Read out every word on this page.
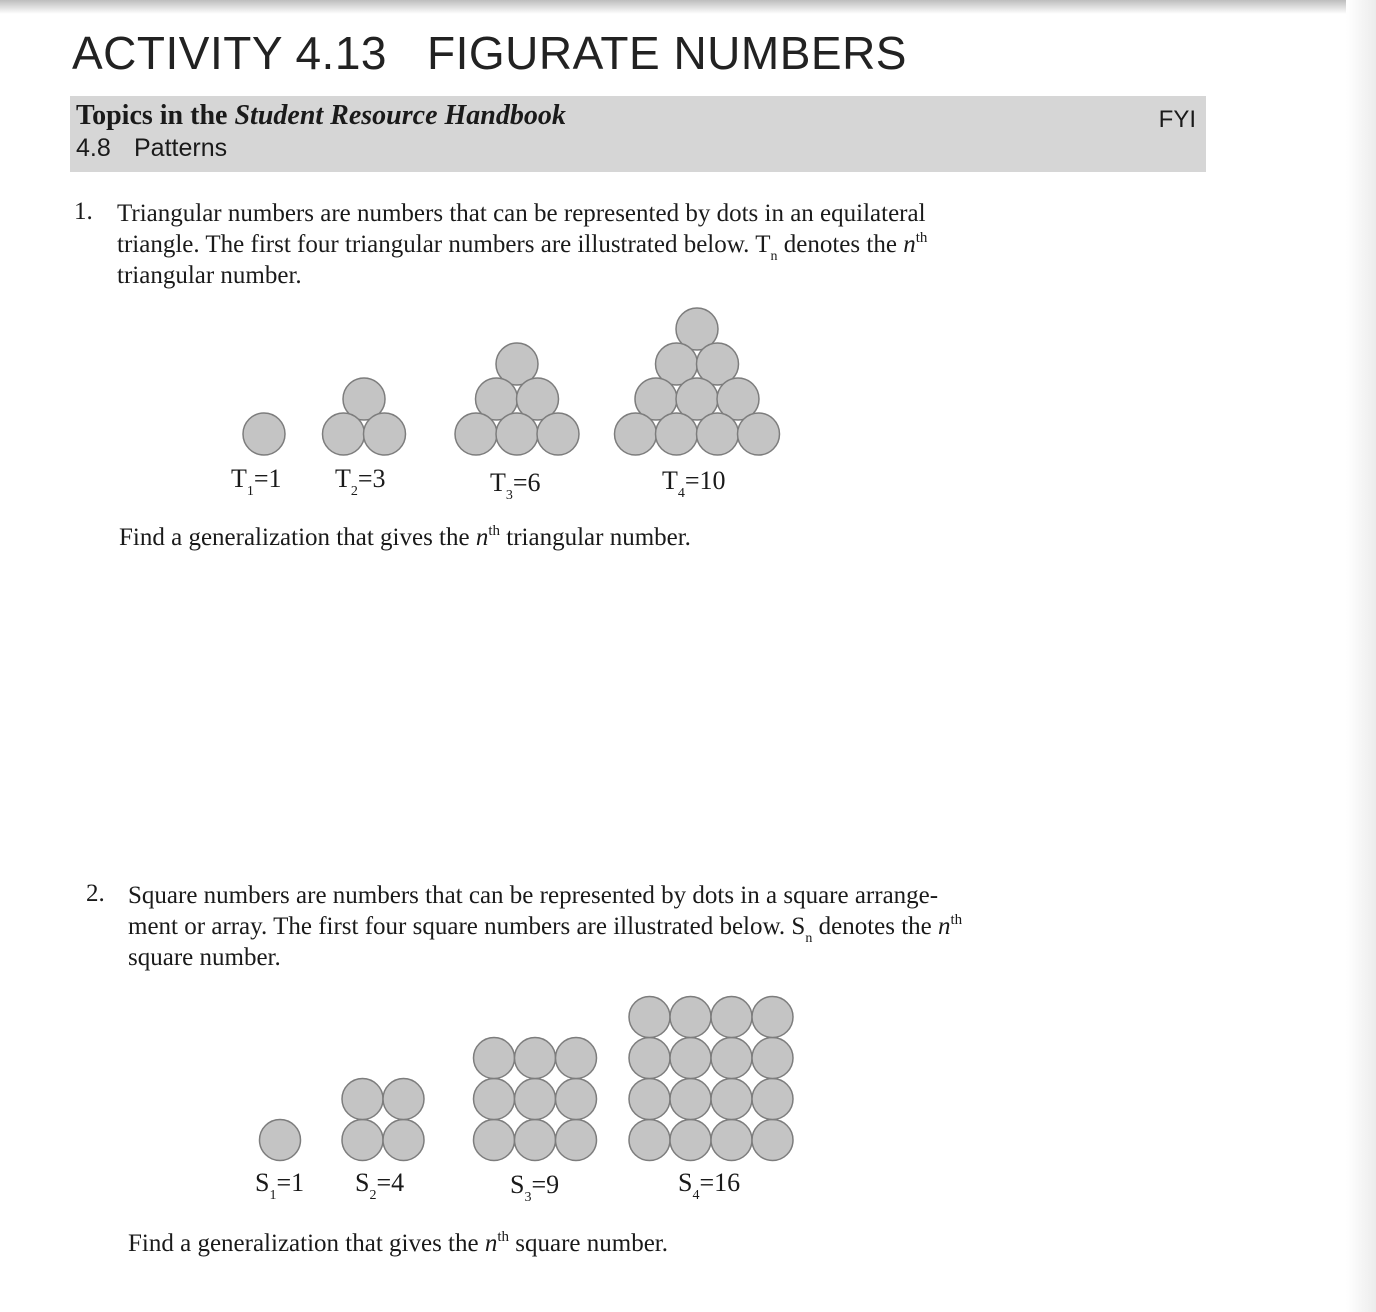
ACTIVITY 4.13 FIGURATE NUMBERS
Topics in the Student Resource Handbook
4.8 Patterns
FYI
1. Triangular numbers are numbers that can be represented by dots in an equilateral

triangle. The first four triangular numbers are illustrated below. $T_n$ denotes the $n^{th}$

triangular number.

$T_1=1$ $T_2=3$	$T_3=6$	$T_4=10$
Find a generalization that gives the $n^{th}$ triangular number.
2. Square numbers are numbers that can be represented by dots in a square arrange-

ment or array. The first four square numbers are illustrated below. $S_n$ denotes the $n^{th}$

square number.

$S_1=1$ $S_2=4$	$S_3=9$	$S_4=16$
Find a generalization that gives the $n^{th}$ square number.
